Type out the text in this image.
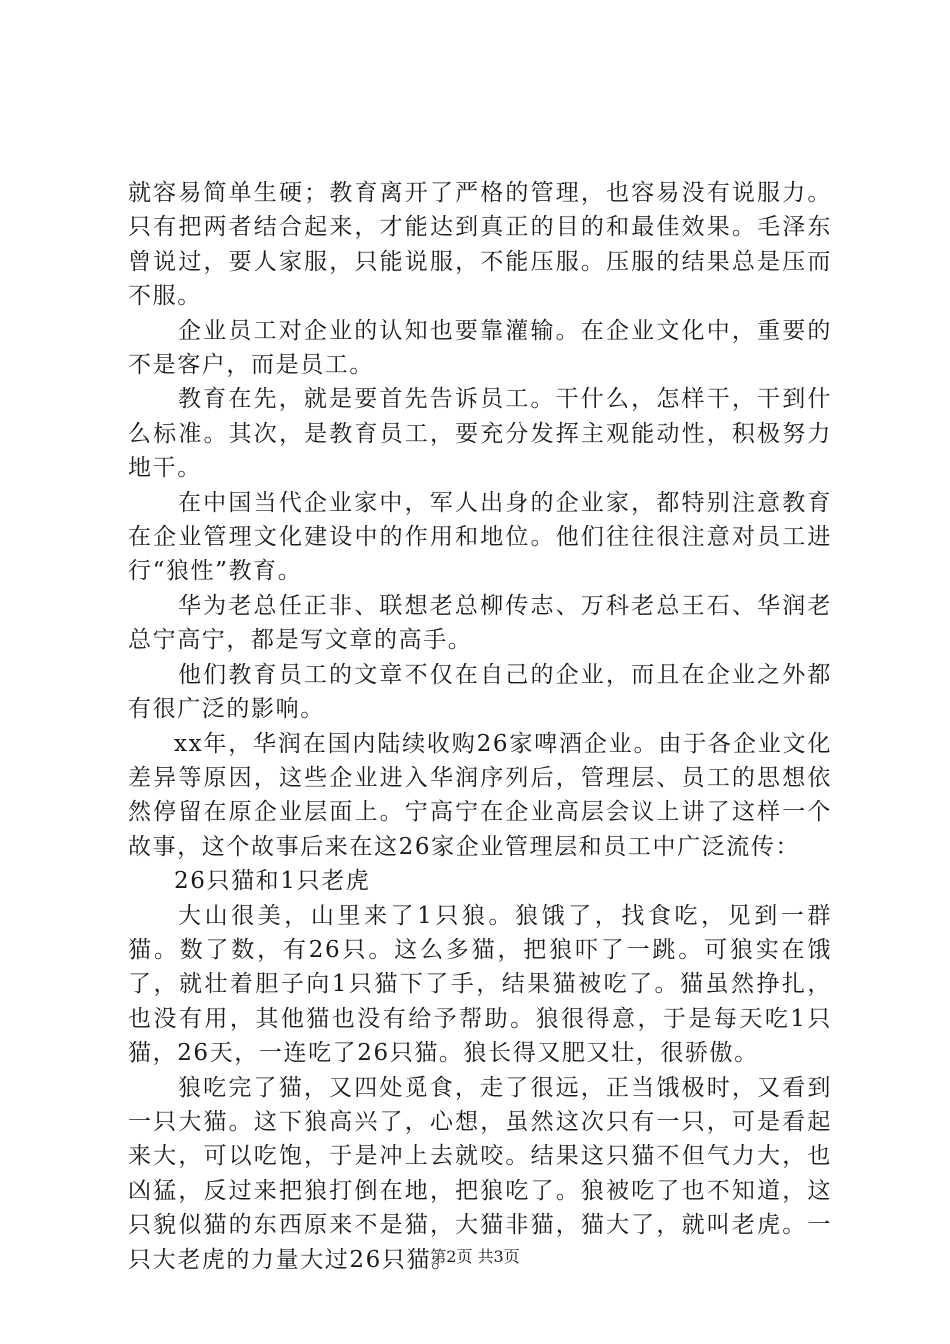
就容易简单生硬；教育离开了严格的管理，也容易没有说服力。只有把两者结合起来，才能达到真正的目的和最佳效果。毛泽东曾说过，要人家服，只能说服，不能压服。压服的结果总是压而不服。

企业员工对企业的认知也要靠灌输。在企业文化中，重要的不是客户，而是员工。

教育在先，就是要首先告诉员工。干什么，怎样干，干到什么标准。其次，是教育员工，要充分发挥主观能动性，积极努力地干。

在中国当代企业家中，军人出身的企业家，都特别注意教育在企业管理文化建设中的作用和地位。他们往往很注意对员工进行“狼性”教育。

华为老总任正非、联想老总柳传志、万科老总王石、华润老总宁高宁，都是写文章的高手。

他们教育员工的文章不仅在自己的企业，而且在企业之外都有很广泛的影响。

xx年，华润在国内陆续收购26家啤酒企业。由于各企业文化差异等原因，这些企业进入华润序列后，管理层、员工的思想依然停留在原企业层面上。宁高宁在企业高层会议上讲了这样一个故事，这个故事后来在这26家企业管理层和员工中广泛流传：

26只猫和1只老虎

大山很美，山里来了1只狼。狼饿了，找食吃，见到一群猫。数了数，有26只。这么多猫，把狼吓了一跳。可狼实在饿了，就壮着胆子向1只猫下了手，结果猫被吃了。猫虽然挣扎，也没有用，其他猫也没有给予帮助。狼很得意，于是每天吃1只猫，26天，一连吃了26只猫。狼长得又肥又壮，很骄傲。

狼吃完了猫，又四处觅食，走了很远，正当饿极时，又看到一只大猫。这下狼高兴了，心想，虽然这次只有一只，可是看起来大，可以吃饱，于是冲上去就咬。结果这只猫不但气力大，也凶猛，反过来把狼打倒在地，把狼吃了。狼被吃了也不知道，这只貌似猫的东西原来不是猫，大猫非猫，猫大了，就叫老虎。一只大老虎的力量大过26只猫。

第2页 共3页
